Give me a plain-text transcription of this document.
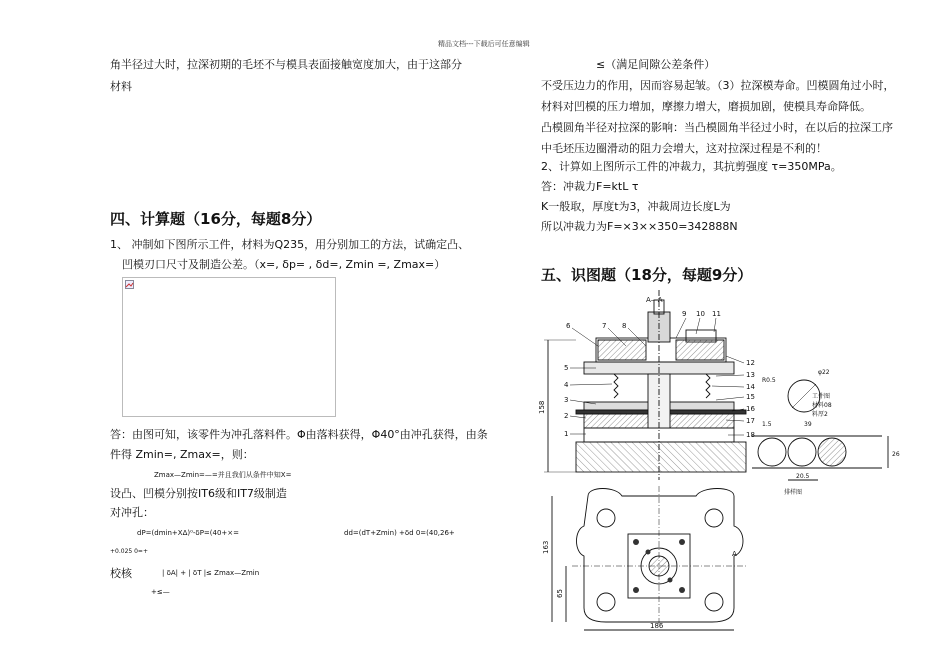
精品文档---下载后可任意编辑
角半径过大时，拉深初期的毛坯不与模具表面接触宽度加大，由于这部分
材料
四、计算题（16分，每题8分）
1、 冲制如下图所示工件，材料为Q235，用分别加工的方法，试确定凸、
凹模刃口尺寸及制造公差。（x=, δp= , δd=, Zmin =, Zmax=）
答：由图可知，该零件为冲孔落料件。Φ由落料获得，Φ40°由冲孔获得，由条
件得 Zmin=, Zmax=，则：
Zmax—Zmin=—=并且我们从条件中知X=
设凸、凹模分别按IT6级和IT7级制造
对冲孔：
dP=(dmin+XΔ)⁰-δP=(40+×=	dd=(dT+Zmin) +δd 0=(40,26+
+0.025 0=+
校核	| δA| + | δT |≤ Zmax—Zmin
+≤—
≤（满足间隙公差条件）
不受压边力的作用，因而容易起皱。（3）拉深模寿命。凹模圆角过小时，
材料对凹模的压力增加，摩擦力增大，磨损加剧，使模具寿命降低。
凸模圆角半径对拉深的影响：当凸模圆角半径过小时，在以后的拉深工序
中毛坯压边圈滑动的阻力会增大，这对拉深过程是不利的！
2、计算如上图所示工件的冲裁力，其抗剪强度 τ=350MPa。
答：冲裁力F=ktL τ
K一般取，厚度t为3，冲裁周边长度L为
所以冲裁力为F=×3××350=342888N
五、识图题（18分，每题9分）
A—A
6	7 8
9 10 11
12
13
14
15
16
17
18
5
4
3
2
1
158
A
163
65
186
R0.5
φ22
工件图
材料08
料厚2
1.5	39
26
20.5
排样图
